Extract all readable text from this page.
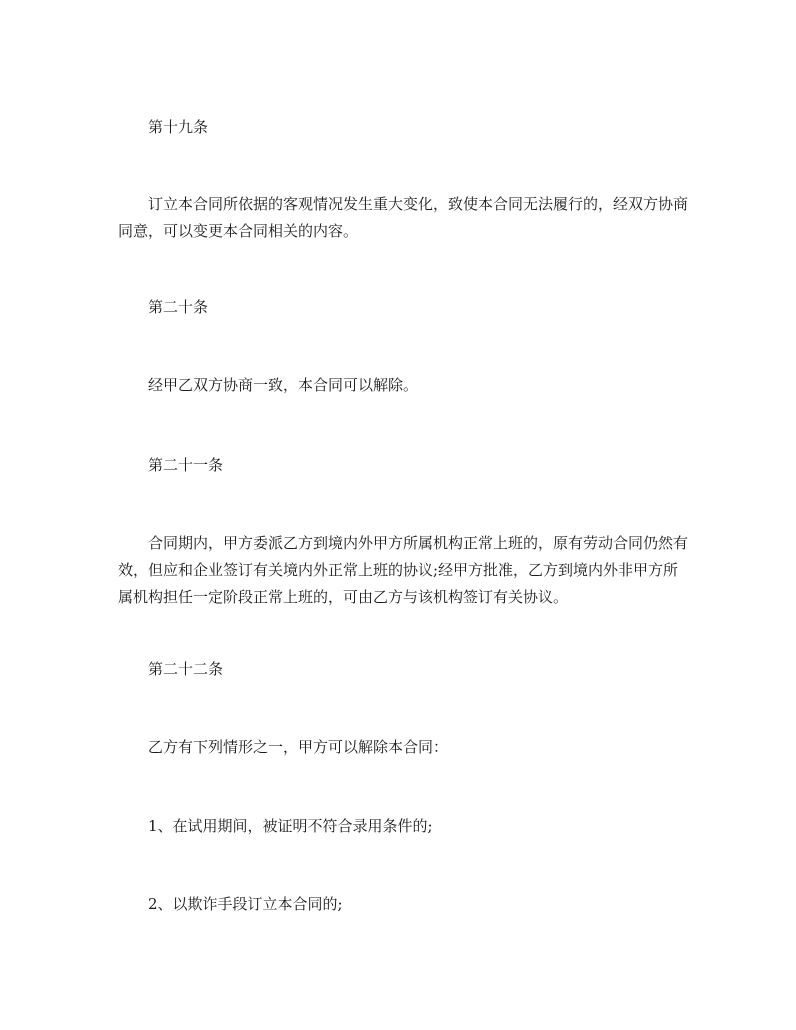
第十九条
订立本合同所依据的客观情况发生重大变化，致使本合同无法履行的，经双方协商同意，可以变更本合同相关的内容。
第二十条
经甲乙双方协商一致，本合同可以解除。
第二十一条
合同期内，甲方委派乙方到境内外甲方所属机构正常上班的，原有劳动合同仍然有效，但应和企业签订有关境内外正常上班的协议;经甲方批准，乙方到境内外非甲方所属机构担任一定阶段正常上班的，可由乙方与该机构签订有关协议。
第二十二条
乙方有下列情形之一，甲方可以解除本合同：
1、在试用期间，被证明不符合录用条件的;
2、以欺诈手段订立本合同的;
